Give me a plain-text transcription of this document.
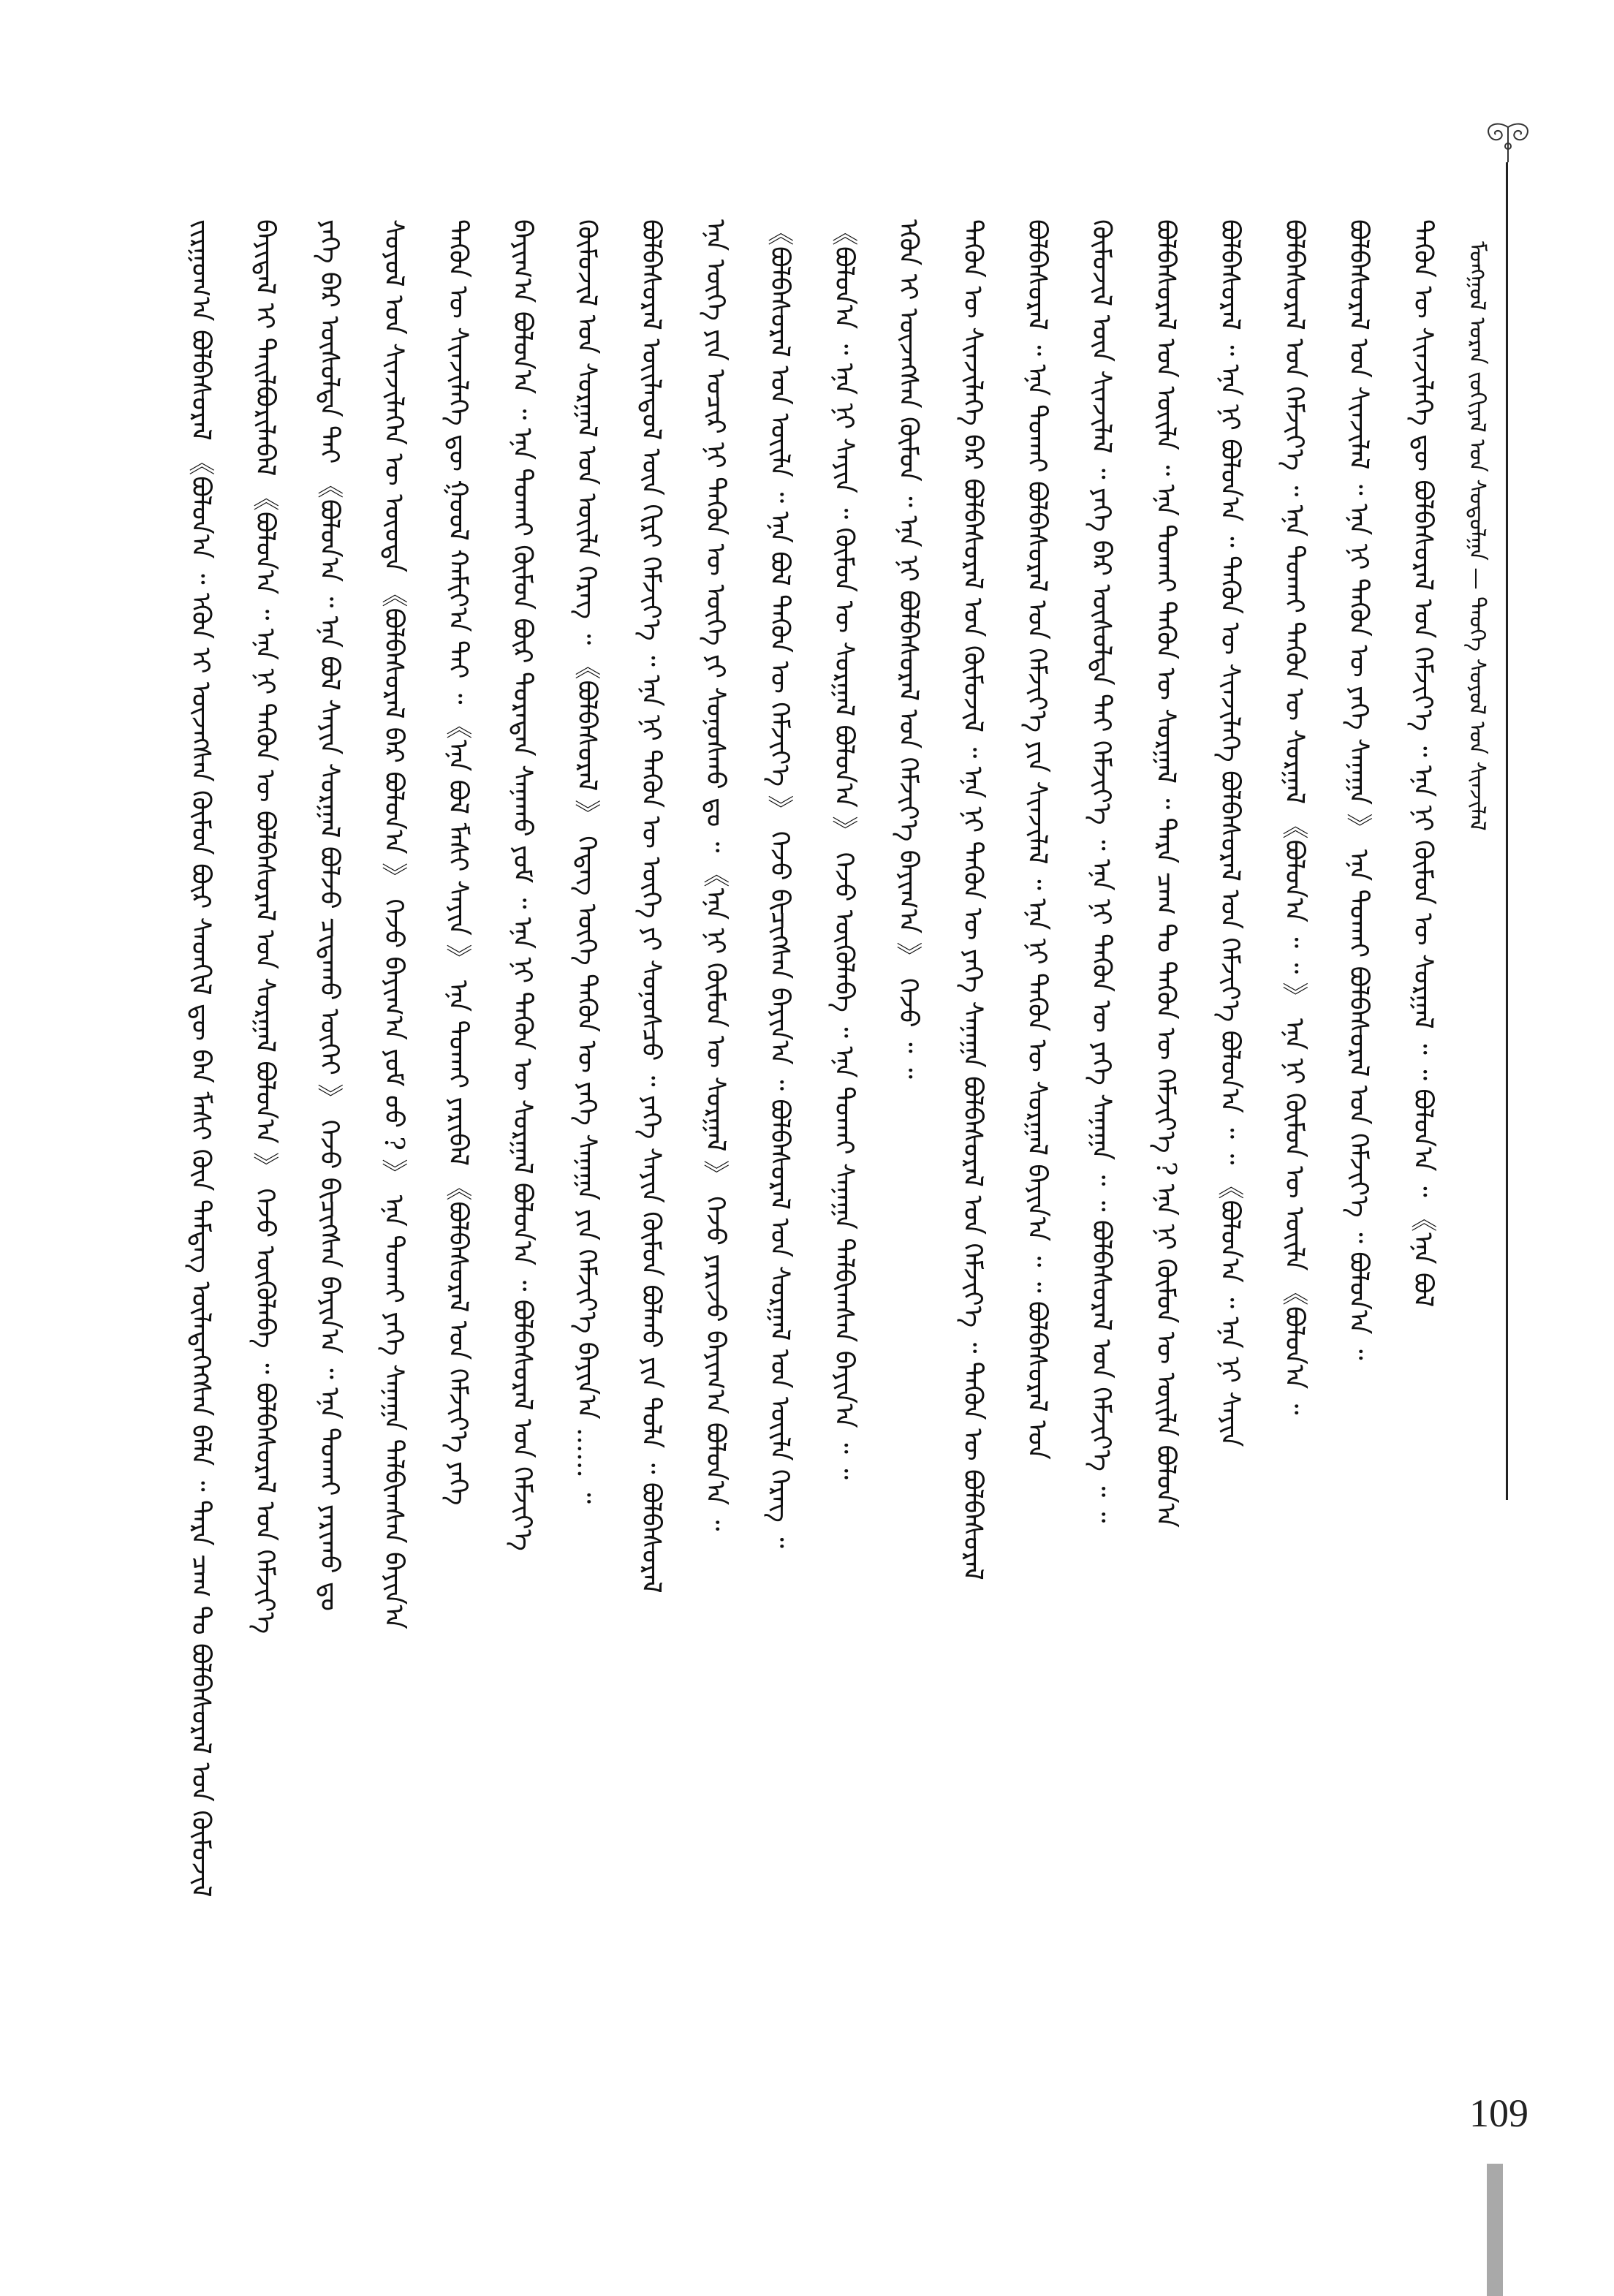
ᠮᠣᠩᠭᠣᠯ ᠤᠷᠠᠨ ᠵᠣᠬᠢᠶᠠᠯ ᠤᠨ ᠰᠣᠳᠤᠯᠭᠠ — ᠲᠡᠦᠬᠡ ᠰᠣᠶᠣᠯ ᠤᠨ ᠰᠢᠨᠵᠢᠯᠡᠯ
ᠵᠢᠷᠭᠤᠭ᠎ᠠ ᠪᠣᠯᠪᠠᠰᠤᠷᠠᠯ 《ᠪᠣᠯᠤᠨ᠎ᠠ ᠃ ᠡᠭᠦᠨ ᠢ ᠦᠵᠡᠭᠰᠡᠨ ᠬᠦᠮᠦᠨ ᠪᠦᠷ ᠰᠡᠳᠬᠢᠯ ᠳᠦ ᠪᠠᠨ ᠮᠠᠰᠢ ᠭᠦᠨ ᠲᠡᠮᠳᠡᠭ ᠦᠯᠡᠳᠡᠭᠡᠭᠰᠡᠨ ᠪᠡᠯᠡ ᠃ ᠲᠡᠷᠡ ᠴᠠᠭ ᠲᠤ ᠪᠣᠯᠪᠠᠰᠤᠷᠠᠯ ᠤᠨ ᠬᠦᠮᠦᠵᠢᠯ ᠪᠠᠶᠢᠳᠠᠯ ᠢ ᠲᠠᠢᠯᠪᠤᠷᠢᠯᠠᠪᠠᠯ 《ᠪᠣᠯᠤᠨ᠎ᠠ ᠃ ᠡᠨᠡ ᠨᠢ ᠲᠡᠭᠦᠨ ᠦ ᠪᠣᠯᠪᠠᠰᠤᠷᠠᠯ ᠤᠨ ᠰᠤᠷᠭᠠᠯ ᠪᠣᠯᠤᠨ᠎ᠠ 》 ᠭᠡᠵᠦ ᠦᠭᠦᠯᠡᠪᠡ ᠃ ᠪᠣᠯᠪᠠᠰᠤᠷᠠᠯ ᠤᠨ ᠬᠡᠮᠵᠢᠶ᠎ᠡ ᠶᠡᠬᠡ ᠪᠠᠷ ᠥᠰᠦᠯᠲᠡ ᠲᠠᠢ 《ᠪᠣᠯᠤᠨ᠎ᠠ ᠃ ᠡᠨᠡ ᠪᠣᠯ ᠰᠠᠶᠢᠨ ᠰᠤᠷᠭᠠᠯ ᠪᠣᠯᠵᠤ ᠴᠢᠳᠠᠬᠤ ᠦᠭᠡᠢ 》 ᠭᠡᠵᠦ ᠪᠢᠴᠢᠭᠰᠡᠨ ᠪᠠᠶᠢᠨ᠎ᠠ ᠃ ᠡᠨᠡ ᠲᠤᠬᠠᠢ ᠶᠠᠷᠢᠬᠤ ᠳᠤ ᠰᠣᠶᠣᠯ ᠤᠨ ᠰᠢᠨᠵᠢᠯᠡᠭᠡᠨ ᠦ ᠦᠦᠳᠡ 《ᠪᠣᠯᠪᠠᠰᠤᠷᠠᠯ ᠪᠠᠷ ᠪᠣᠯᠤᠨ᠎ᠠ 》 ᠭᠡᠵᠦ ᠪᠠᠶᠢᠭ᠎ᠠ ᠶᠤᠮ ᠦᠦ ? 》 ᠡᠨᠡ ᠲᠤᠬᠠᠢ ᠶᠡᠬᠡ ᠰᠠᠨᠠᠭᠠ ᠲᠠᠯᠪᠢᠭᠰᠠᠨ ᠪᠠᠶᠢᠨ᠎ᠠ ᠲᠡᠭᠦᠨ ᠦ ᠰᠢᠨᠵᠢᠯᠡᠭᠡ ᠳᠦ ᠭᠣᠣᠯ ᠬᠠᠮᠢᠶ᠎ᠠ ᠲᠠᠢ ᠃ 《ᠡᠨᠡ ᠪᠣᠯ ᠮᠠᠰᠢ ᠰᠠᠶᠢᠨ 》 ᠡᠨᠡ ᠲᠤᠬᠠᠢ ᠶᠠᠷᠢᠪᠠᠯ 《ᠪᠣᠯᠪᠠᠰᠤᠷᠠᠯ ᠤᠨ ᠬᠡᠮᠵᠢᠶ᠎ᠡ ᠶᠡᠬᠡ ᠪᠠᠶᠢᠭ᠎ᠠ ᠪᠣᠯᠤᠨ᠎ᠠ ᠃ ᠡᠨᠡ ᠲᠤᠬᠠᠢ ᠬᠦᠮᠦᠨ ᠪᠦᠷ ᠳᠤᠷᠠᠳᠠᠨ ᠰᠠᠨᠠᠬᠤ ᠶᠤᠮ ᠃ ᠡᠨᠡ ᠨᠢ ᠲᠡᠭᠦᠨ ᠦ ᠰᠤᠷᠭᠠᠯ ᠪᠣᠯᠤᠨ᠎ᠠ ᠃ ᠪᠣᠯᠪᠠᠰᠤᠷᠠᠯ ᠤᠨ ᠬᠡᠮᠵᠢᠶ᠎ᠡ ᠬᠦᠮᠦᠵᠢᠯ ᠤᠨ ᠰᠤᠷᠭᠠᠯ ᠤᠨ ᠦᠢᠯᠡ ᠬᠡᠷᠡᠭ ᠃ 《ᠪᠣᠯᠪᠠᠰᠤᠷᠠᠯ 》 ᠭᠡᠳᠡᠭ ᠦᠭᠡ ᠲᠡᠭᠦᠨ ᠦ ᠶᠡᠬᠡ ᠰᠠᠨᠠᠭᠠ ᠶᠢᠨ ᠬᠡᠮᠵᠢᠶ᠎ᠡ ᠪᠠᠶᠢᠨ᠎ᠠ ...... ᠃ ᠪᠣᠯᠪᠠᠰᠤᠷᠠᠯ ᠦᠢᠯᠡᠳᠦᠯ ᠦᠨ ᠬᠢᠷᠢ ᠬᠡᠮᠵᠢᠶ᠎ᠡ ᠃ ᠡᠨᠡ ᠨᠢ ᠲᠡᠭᠦᠨ ᠦ ᠦᠭᠡ ᠶᠢ ᠰᠣᠨᠣᠰᠴᠤ ᠃ ᠶᠡᠬᠡ ᠰᠠᠶᠢᠨ ᠬᠦᠮᠦᠨ ᠪᠣᠯᠬᠤ ᠶᠢᠨ ᠲᠤᠯᠠ ᠃ ᠪᠣᠯᠪᠠᠰᠤᠷᠠᠯ ᠡᠨᠡ ᠦᠭᠡ ᠶᠢᠨ ᠤᠴᠢᠷ ᠨᠢ ᠲᠡᠭᠦᠨ ᠦ ᠦᠭᠡ ᠶᠢ ᠰᠣᠨᠣᠰᠬᠤ ᠳᠤ ᠃ 《ᠡᠨᠡ ᠨᠢ ᠬᠦᠮᠦᠨ ᠦ ᠰᠤᠷᠭᠠᠯ 》 ᠭᠡᠵᠦ ᠶᠠᠷᠢᠵᠤ ᠪᠠᠶᠢᠭ᠎ᠠ ᠪᠣᠯᠤᠨ᠎ᠠ ᠃ 《ᠪᠣᠯᠪᠠᠰᠤᠷᠠᠯ ᠤᠨ ᠦᠢᠯᠡ ᠃ ᠡᠨᠡ ᠪᠣᠯ ᠲᠡᠭᠦᠨ ᠦ ᠬᠡᠮᠵᠢᠶ᠎ᠡ 》 ᠭᠡᠵᠦ ᠪᠢᠴᠢᠭᠰᠡᠨ ᠪᠠᠶᠢᠨ᠎ᠠ ᠃ ᠪᠣᠯᠪᠠᠰᠤᠷᠠᠯ ᠤᠨ ᠰᠤᠷᠭᠠᠯ ᠤᠨ ᠦᠢᠯᠡ ᠬᠡᠷᠡᠭ ᠃ 《ᠪᠣᠯᠤᠨ᠎ᠠ ᠃ ᠡᠨᠡ ᠨᠢ ᠰᠠᠶᠢᠨ ᠃ ᠬᠦᠮᠦᠨ ᠦ ᠰᠤᠷᠭᠠᠯ ᠪᠣᠯᠤᠨ᠎ᠠ 》 ᠭᠡᠵᠦ ᠦᠭᠦᠯᠡᠪᠡ ᠃ ᠡᠨᠡ ᠲᠤᠬᠠᠢ ᠰᠠᠨᠠᠭᠠ ᠲᠠᠯᠪᠢᠭᠰᠠᠨ ᠪᠠᠶᠢᠨ᠎ᠠ ᠃ ᠃ ᠡᠭᠦᠨ ᠢ ᠦᠵᠡᠭᠰᠡᠨ ᠬᠦᠮᠦᠨ ᠃ ᠡᠨᠡ ᠨᠢ ᠪᠣᠯᠪᠠᠰᠤᠷᠠᠯ ᠤᠨ ᠬᠡᠮᠵᠢᠶ᠎ᠡ ᠪᠠᠶᠢᠭ᠎ᠠ 》 ᠭᠡᠵᠦ ᠃ ᠃ ᠲᠡᠭᠦᠨ ᠦ ᠰᠢᠨᠵᠢᠯᠡᠭᠡ ᠪᠠᠷ ᠪᠣᠯᠪᠠᠰᠤᠷᠠᠯ ᠤᠨ ᠬᠦᠮᠦᠵᠢᠯ ᠃ ᠡᠨᠡ ᠨᠢ ᠲᠡᠭᠦᠨ ᠦ ᠶᠡᠬᠡ ᠰᠠᠨᠠᠭᠠ ᠪᠣᠯᠪᠠᠰᠤᠷᠠᠯ ᠤᠨ ᠬᠡᠮᠵᠢᠶ᠎ᠡ ᠃ ᠲᠡᠭᠦᠨ ᠦ ᠪᠣᠯᠪᠠᠰᠤᠷᠠᠯ ᠪᠣᠯᠪᠠᠰᠤᠷᠠᠯ ᠃ ᠡᠨᠡ ᠲᠤᠬᠠᠢ ᠪᠣᠯᠪᠠᠰᠤᠷᠠᠯ ᠤᠨ ᠬᠡᠮᠵᠢᠶ᠎ᠡ ᠶᠢᠨ ᠰᠢᠨᠵᠢᠯᠡᠯ ᠃ ᠡᠨᠡ ᠨᠢ ᠲᠡᠭᠦᠨ ᠦ ᠰᠤᠷᠭᠠᠯ ᠪᠠᠶᠢᠨ᠎ᠠ ᠃ ᠃ ᠪᠣᠯᠪᠠᠰᠤᠷᠠᠯ ᠤᠨ ᠬᠦᠮᠦᠵᠢᠯ ᠦᠨ ᠰᠢᠨᠵᠢᠯᠡᠯ ᠃ ᠶᠡᠬᠡ ᠪᠠᠷ ᠥᠰᠦᠯᠲᠡ ᠲᠠᠢ ᠬᠡᠮᠵᠢᠶ᠎ᠡ ᠃ ᠡᠨᠡ ᠨᠢ ᠲᠡᠭᠦᠨ ᠦ ᠶᠡᠬᠡ ᠰᠠᠨᠠᠭᠠ ᠃ ᠃ ᠪᠣᠯᠪᠠᠰᠤᠷᠠᠯ ᠤᠨ ᠬᠡᠮᠵᠢᠶ᠎ᠡ ᠃ ᠃ ᠪᠣᠯᠪᠠᠰᠤᠷᠠᠯ ᠤᠨ ᠦᠢᠯᠡ ᠃ ᠡᠨᠡ ᠲᠤᠬᠠᠢ ᠲᠡᠭᠦᠨ ᠦ ᠰᠤᠷᠭᠠᠯ ᠃ ᠲᠡᠷᠡ ᠴᠠᠭ ᠲᠤ ᠲᠡᠭᠦᠨ ᠦ ᠬᠡᠮᠵᠢᠶ᠎ᠡ ? ᠡᠨᠡ ᠨᠢ ᠬᠦᠮᠦᠨ ᠦ ᠦᠢᠯᠡ ᠪᠣᠯᠤᠨ᠎ᠠ ᠪᠣᠯᠪᠠᠰᠤᠷᠠᠯ ᠃ ᠡᠨᠡ ᠨᠢ ᠪᠣᠯᠤᠨ᠎ᠠ ᠃ ᠲᠡᠭᠦᠨ ᠦ ᠰᠢᠨᠵᠢᠯᠡᠭᠡ ᠪᠣᠯᠪᠠᠰᠤᠷᠠᠯ ᠤᠨ ᠬᠡᠮᠵᠢᠶ᠎ᠡ ᠪᠣᠯᠤᠨ᠎ᠠ ᠃ ᠃ 《ᠪᠣᠯᠤᠨ᠎ᠠ ᠃ ᠡᠨᠡ ᠨᠢ ᠰᠠᠶᠢᠨ ᠪᠣᠯᠪᠠᠰᠤᠷᠠᠯ ᠤᠨ ᠬᠡᠮᠵᠢᠶ᠎ᠡ ᠃ ᠡᠨᠡ ᠲᠤᠬᠠᠢ ᠲᠡᠭᠦᠨ ᠦ ᠰᠤᠷᠭᠠᠯ 《ᠪᠣᠯᠤᠨ᠎ᠠ ᠃ ᠃ 》 ᠡᠨᠡ ᠨᠢ ᠬᠦᠮᠦᠨ ᠦ ᠦᠢᠯᠡ 《ᠪᠣᠯᠤᠨ᠎ᠠ ᠃ ᠪᠣᠯᠪᠠᠰᠤᠷᠠᠯ ᠤᠨ ᠰᠢᠨᠵᠢᠯᠡᠯ ᠃ ᠡᠨᠡ ᠨᠢ ᠲᠡᠭᠦᠨ ᠦ ᠶᠡᠬᠡ ᠰᠠᠨᠠᠭᠠ 》 ᠡᠨᠡ ᠲᠤᠬᠠᠢ ᠪᠣᠯᠪᠠᠰᠤᠷᠠᠯ ᠤᠨ ᠬᠡᠮᠵᠢᠶ᠎ᠡ ᠃ ᠪᠣᠯᠤᠨ᠎ᠠ ᠃ ᠲᠡᠭᠦᠨ ᠦ ᠰᠢᠨᠵᠢᠯᠡᠭᠡ ᠳᠦ ᠪᠣᠯᠪᠠᠰᠤᠷᠠᠯ ᠤᠨ ᠬᠡᠮᠵᠢᠶ᠎ᠡ ᠃ ᠡᠨᠡ ᠨᠢ ᠬᠦᠮᠦᠨ ᠦ ᠰᠤᠷᠭᠠᠯ ᠃ ᠃ ᠪᠣᠯᠤᠨ᠎ᠠ ᠃ 《ᠡᠨᠡ ᠪᠣᠯ
109
